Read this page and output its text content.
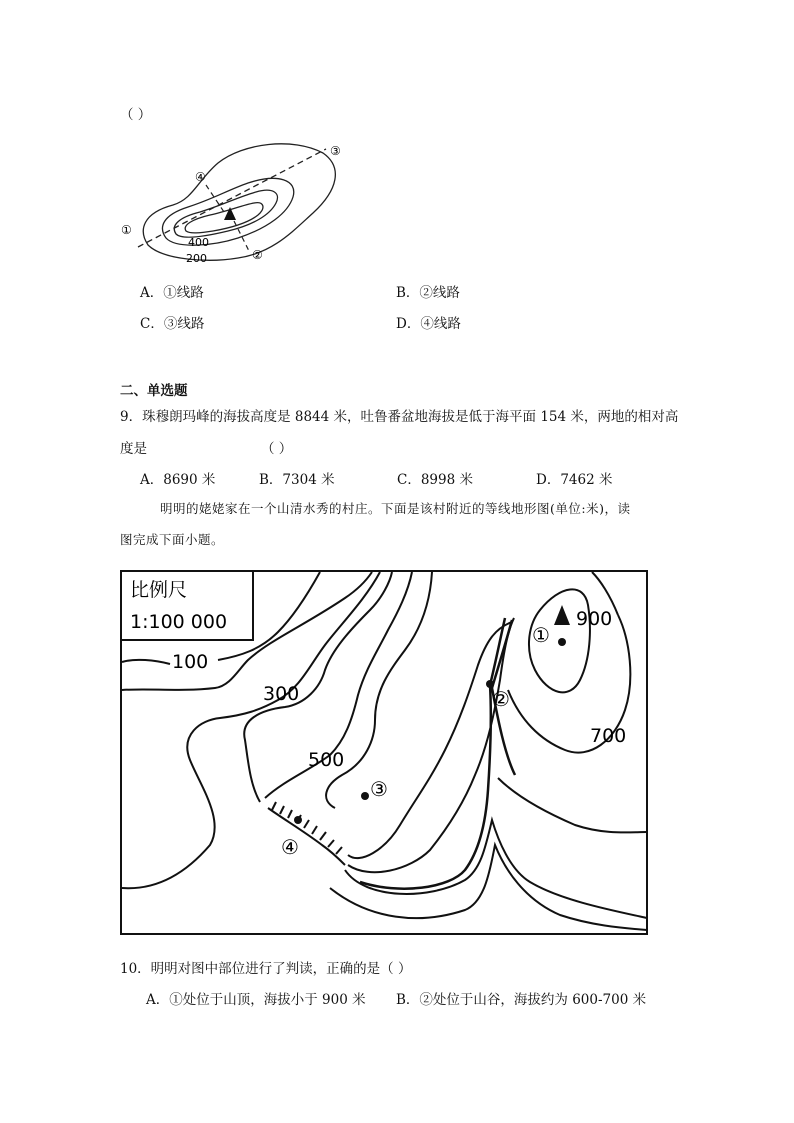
（ ）
400
200
①
②
③
④
A．①线路	B．②线路
C．③线路	D．④线路
二、单选题
9．珠穆朗玛峰的海拔高度是 8844 米，吐鲁番盆地海拔是低于海平面 154 米，两地的相对高
度是	（ ）
A．8690 米	B．7304 米	C．8998 米	D．7462 米
明明的姥姥家在一个山清水秀的村庄。下面是该村附近的等线地形图(单位:米)，读
图完成下面小题。
比例尺
1:100 000
100
300
500
700
900
①
②
③
④
10．明明对图中部位进行了判读，正确的是（ ）
A．①处位于山顶，海拔小于 900 米 B．②处位于山谷，海拔约为 600-700 米
